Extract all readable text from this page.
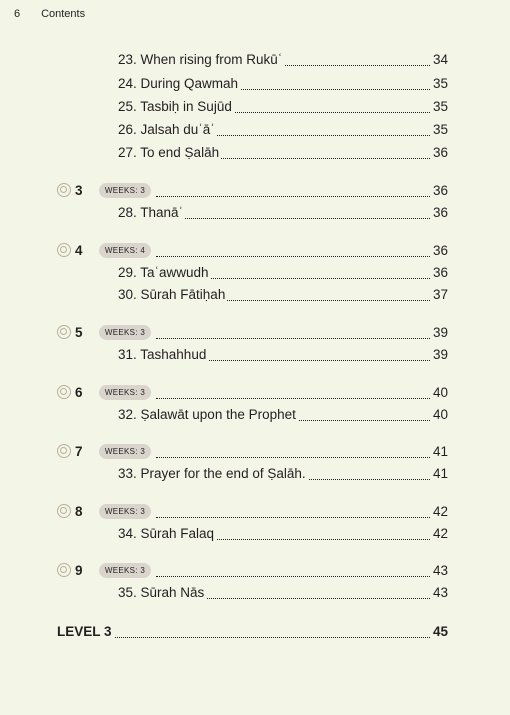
6 Contents
23. When rising from Rukūʿ	34
24. During Qawmah	35
25. Tasbiḥ in Sujūd	35
26. Jalsah duʿāʾ	35
27. To end Ṣalāh	36
3	WEEKS: 3	36
28. Thanāʾ	36
4	WEEKS: 4	36
29. Taʿawwudh	36
30. Sūrah Fātiḥah	37
5	WEEKS: 3	39
31. Tashahhud	39
6	WEEKS: 3	40
32. Ṣalawāt upon the Prophet	40
7	WEEKS: 3	41
33. Prayer for the end of Ṣalāh.	41
8	WEEKS: 3	42
34. Sūrah Falaq	42
9	WEEKS: 3	43
35. Sūrah Nās	43
LEVEL 3	45
